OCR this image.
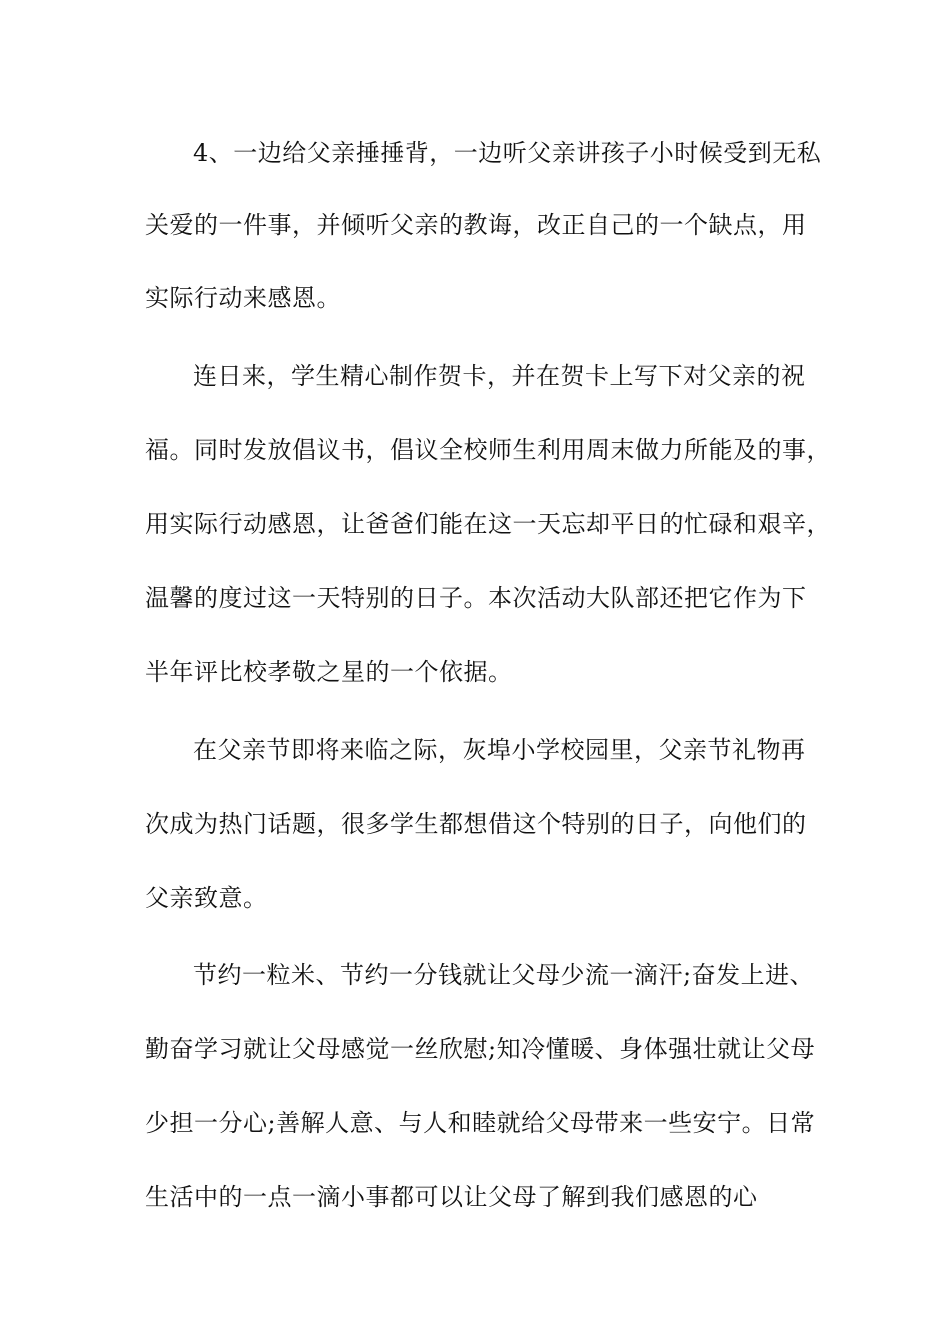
4、一边给父亲捶捶背，一边听父亲讲孩子小时候受到无私
关爱的一件事，并倾听父亲的教诲，改正自己的一个缺点，用
实际行动来感恩。
连日来，学生精心制作贺卡，并在贺卡上写下对父亲的祝
福。同时发放倡议书，倡议全校师生利用周末做力所能及的事，
用实际行动感恩，让爸爸们能在这一天忘却平日的忙碌和艰辛，
温馨的度过这一天特别的日子。本次活动大队部还把它作为下
半年评比校孝敬之星的一个依据。
在父亲节即将来临之际，灰埠小学校园里，父亲节礼物再
次成为热门话题，很多学生都想借这个特别的日子，向他们的
父亲致意。
节约一粒米、节约一分钱就让父母少流一滴汗;奋发上进、
勤奋学习就让父母感觉一丝欣慰;知冷懂暖、身体强壮就让父母
少担一分心;善解人意、与人和睦就给父母带来一些安宁。日常
生活中的一点一滴小事都可以让父母了解到我们感恩的心
